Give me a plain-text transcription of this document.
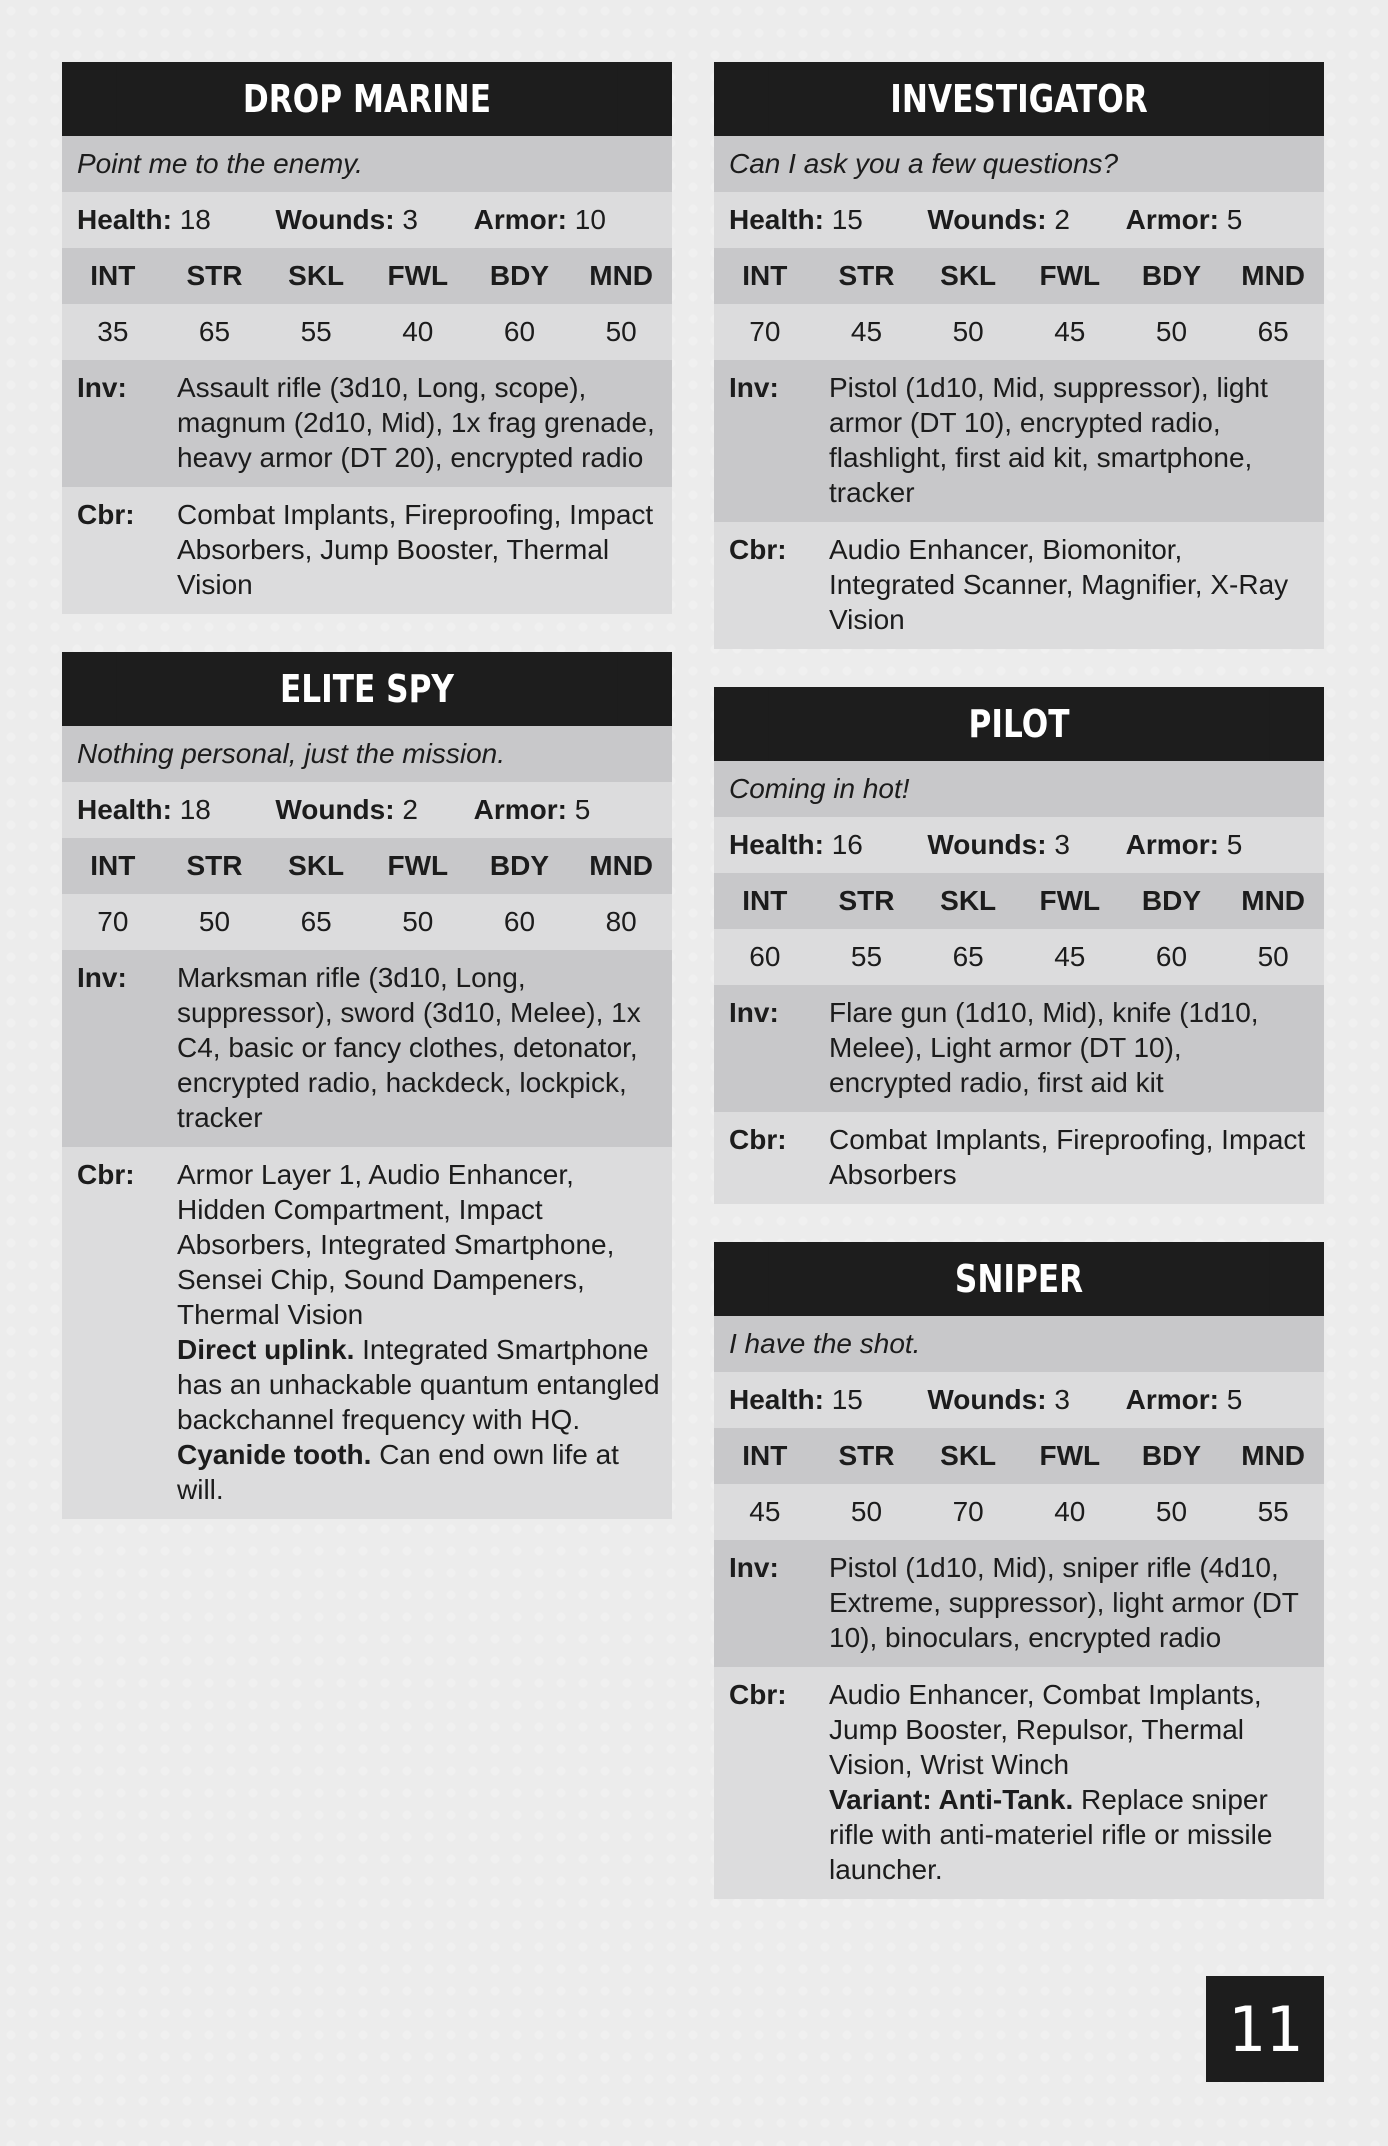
DROP MARINE
Point me to the enemy.
Health: 18	Wounds: 3	Armor: 10
INT	STR	SKL	FWL	BDY	MND
35	65	55	40	60	50
Inv:	Assault rifle (3d10, Long, scope), magnum (2d10, Mid), 1x frag grenade, heavy armor (DT 20), encrypted radio
Cbr:	Combat Implants, Fireproofing, Impact Absorbers, Jump Booster, Thermal Vision
ELITE SPY
Nothing personal, just the mission.
Health: 18	Wounds: 2	Armor: 5
INT	STR	SKL	FWL	BDY	MND
70	50	65	50	60	80
Inv:	Marksman rifle (3d10, Long, suppressor), sword (3d10, Melee), 1x C4, basic or fancy clothes, detonator, encrypted radio, hackdeck, lockpick, tracker
Cbr:	Armor Layer 1, Audio Enhancer, Hidden Compartment, Impact Absorbers, Integrated Smartphone, Sensei Chip, Sound Dampeners, Thermal Vision
Direct uplink. Integrated Smartphone has an unhackable quantum entangled backchannel frequency with HQ.
Cyanide tooth. Can end own life at will.
INVESTIGATOR
Can I ask you a few questions?
Health: 15	Wounds: 2	Armor: 5
INT	STR	SKL	FWL	BDY	MND
70	45	50	45	50	65
Inv:	Pistol (1d10, Mid, suppressor), light armor (DT 10), encrypted radio, flashlight, first aid kit, smartphone, tracker
Cbr:	Audio Enhancer, Biomonitor, Integrated Scanner, Magnifier, X-Ray Vision
PILOT
Coming in hot!
Health: 16	Wounds: 3	Armor: 5
INT	STR	SKL	FWL	BDY	MND
60	55	65	45	60	50
Inv:	Flare gun (1d10, Mid), knife (1d10, Melee), Light armor (DT 10), encrypted radio, first aid kit
Cbr:	Combat Implants, Fireproofing, Impact Absorbers
SNIPER
I have the shot.
Health: 15	Wounds: 3	Armor: 5
INT	STR	SKL	FWL	BDY	MND
45	50	70	40	50	55
Inv:	Pistol (1d10, Mid), sniper rifle (4d10, Extreme, suppressor), light armor (DT 10), binoculars, encrypted radio
Cbr:	Audio Enhancer, Combat Implants, Jump Booster, Repulsor, Thermal Vision, Wrist Winch
Variant: Anti-Tank. Replace sniper rifle with anti-materiel rifle or missile launcher.
11
